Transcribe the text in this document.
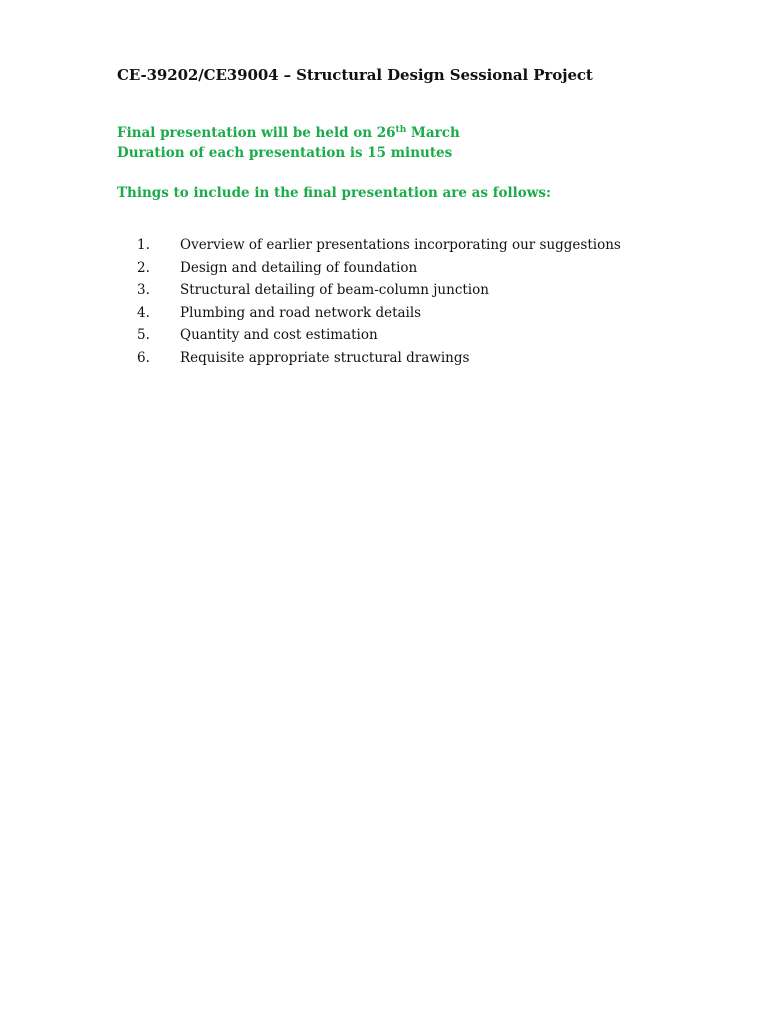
CE-39202/CE39004 – Structural Design Sessional Project
Final presentation will be held on 26th March
Duration of each presentation is 15 minutes
Things to include in the final presentation are as follows:
1. Overview of earlier presentations incorporating our suggestions
2. Design and detailing of foundation
3. Structural detailing of beam-column junction
4. Plumbing and road network details
5. Quantity and cost estimation
6. Requisite appropriate structural drawings
